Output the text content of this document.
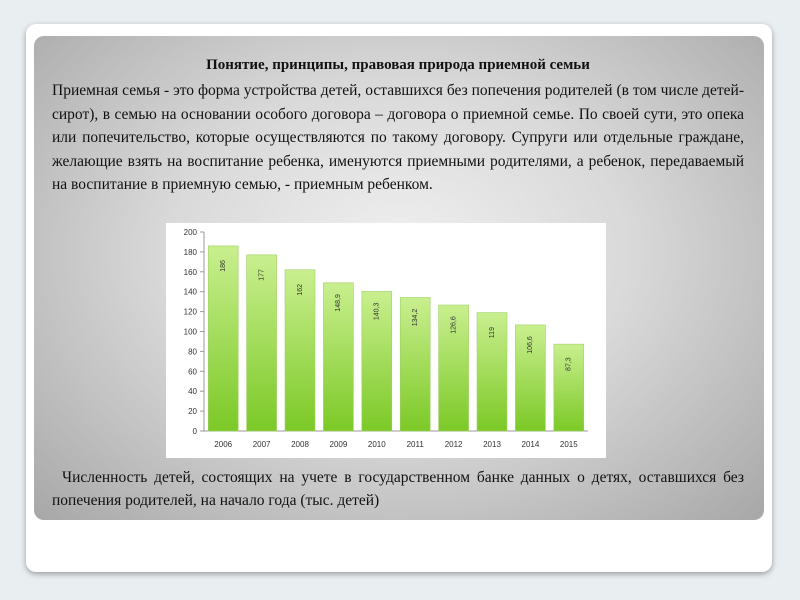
Понятие, принципы, правовая природа приемной семьи

Приемная семья - это форма устройства детей, оставшихся без попечения родителей (в том числе детей-сирот), в семью на основании особого договора – договора о приемной семье. По своей сути, это опека или попечительство, которые осуществляются по такому договору. Супруги или отдельные граждане, желающие взять на воспитание ребенка, именуются приемными родителями, а ребенок, передаваемый на воспитание в приемную семью, - приемным ребенком.

0
20
40
60
80
100
120
140
160
180
200
186
2006
177
2007
162
2008
148,9
2009
140,3
2010
134,2
2011
126,6
2012
119
2013
106,6
2014
87,3
2015

Численность детей, состоящих на учете в государственном банке данных о детях, оставшихся без попечения родителей, на начало года (тыс. детей)
